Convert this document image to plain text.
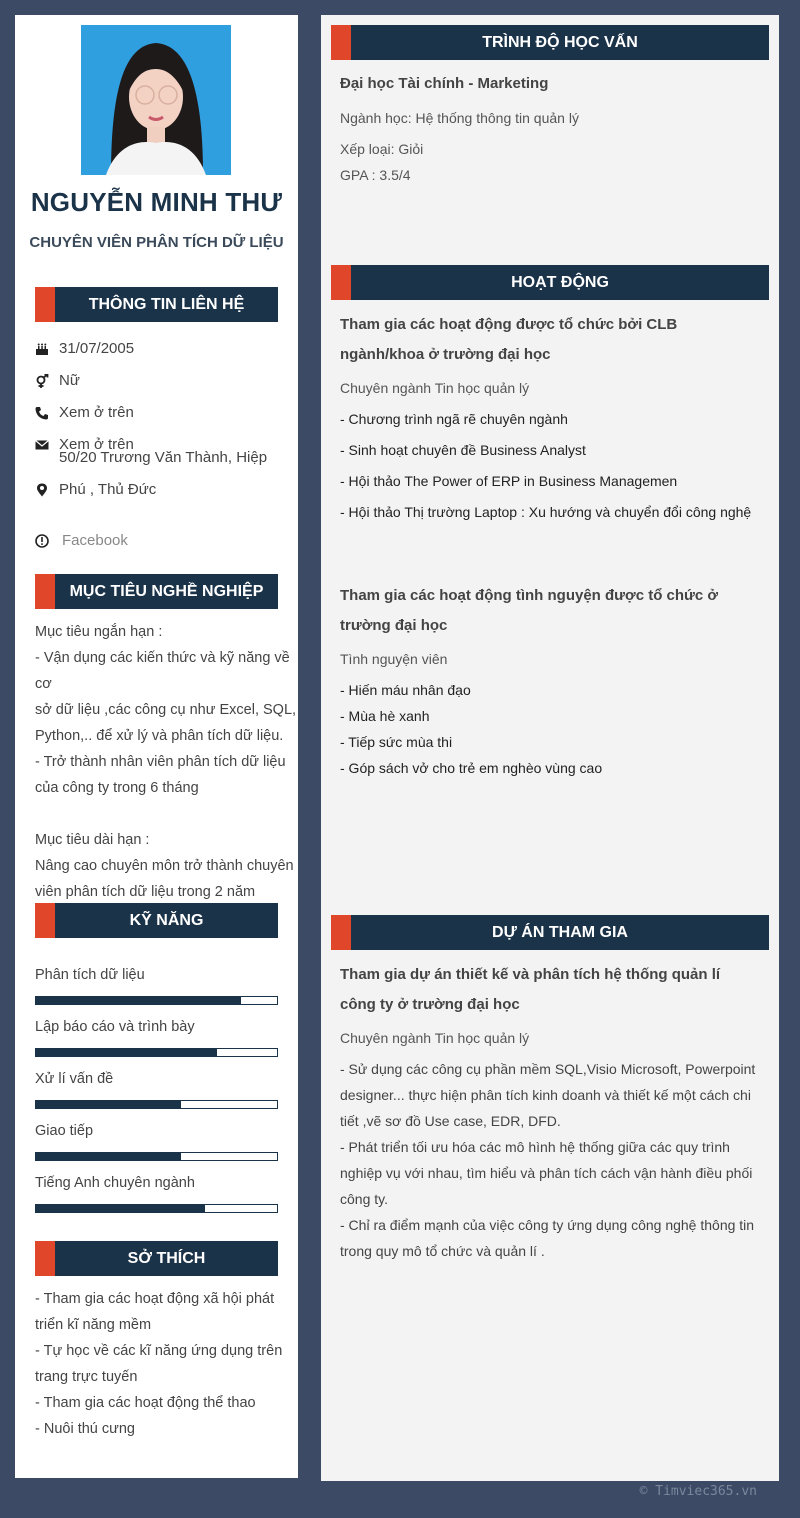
NGUYỄN MINH THƯ
CHUYÊN VIÊN PHÂN TÍCH DỮ LIỆU
THÔNG TIN LIÊN HỆ
31/07/2005
Nữ
Xem ở trên
Xem ở trên
50/20 Trương Văn Thành, Hiệp
Phú , Thủ Đức
Facebook
MỤC TIÊU NGHỀ NGHIỆP
Mục tiêu ngắn hạn :
- Vận dụng các kiến thức và kỹ năng về cơ
sở dữ liệu ,các công cụ như Excel, SQL,
Python,.. để xử lý và phân tích dữ liệu.
- Trở thành nhân viên phân tích dữ liệu
của công ty trong 6 tháng
Mục tiêu dài hạn :
Nâng cao chuyên môn trở thành chuyên
viên phân tích dữ liệu trong 2 năm
KỸ NĂNG
Phân tích dữ liệu
Lập báo cáo và trình bày
Xử lí vấn đề
Giao tiếp
Tiếng Anh chuyên ngành
SỞ THÍCH
- Tham gia các hoạt động xã hội phát
triển kĩ năng mềm
- Tự học về các kĩ năng ứng dụng trên
trang trực tuyến
- Tham gia các hoạt động thể thao
- Nuôi thú cưng
TRÌNH ĐỘ HỌC VẤN
Đại học Tài chính - Marketing
Ngành học: Hệ thống thông tin quản lý
Xếp loại: Giỏi
GPA : 3.5/4
HOẠT ĐỘNG
Tham gia các hoạt động được tổ chức bởi CLB ngành/khoa ở trường đại học
Chuyên ngành Tin học quản lý
- Chương trình ngã rẽ chuyên ngành
- Sinh hoạt chuyên đề Business Analyst
- Hội thảo The Power of ERP in Business Managemen
- Hội thảo Thị trường Laptop : Xu hướng và chuyển đổi công nghệ
Tham gia các hoạt động tình nguyện được tổ chức ở trường đại học
Tình nguyện viên
- Hiến máu nhân đạo
- Mùa hè xanh
- Tiếp sức mùa thi
- Góp sách vở cho trẻ em nghèo vùng cao
DỰ ÁN THAM GIA
Tham gia dự án thiết kế và phân tích hệ thống quản lí công ty ở trường đại học
Chuyên ngành Tin học quản lý
- Sử dụng các công cụ phần mềm SQL,Visio Microsoft, Powerpoint designer... thực hiện phân tích kinh doanh và thiết kế một cách chi tiết ,vẽ sơ đồ Use case, EDR, DFD.
- Phát triển tối ưu hóa các mô hình hệ thống giữa các quy trình nghiệp vụ với nhau, tìm hiểu và phân tích cách vận hành điều phối công ty.
- Chỉ ra điểm mạnh của việc công ty ứng dụng công nghệ thông tin trong quy mô tổ chức và quản lí .
© Timviec365.vn
